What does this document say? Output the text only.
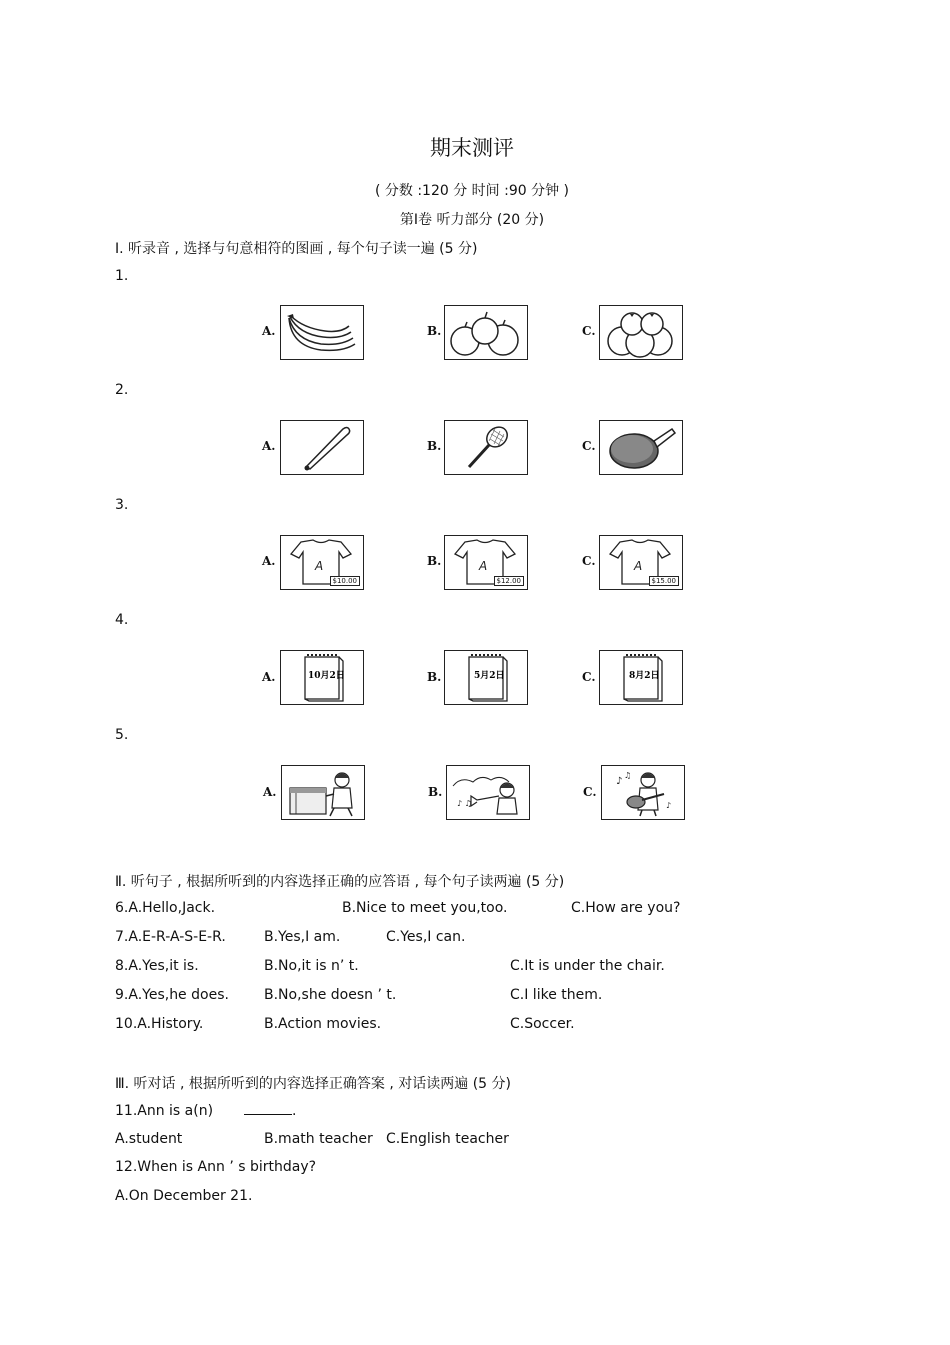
期末测评
( 分数 :120 分 时间 :90 分钟 )
第Ⅰ卷 听力部分 (20 分)
Ⅰ. 听录音 , 选择与句意相符的图画 , 每个句子读一遍 (5 分)
1.
A.	B.	C.
2.
A.	B.	C.
3.
A.	A
$10.00
B.	A
$12.00
C.	A
$15.00
4.
A.	10月2日	B.	5月2日	C.	8月2日
5.
A.	B.
♪ ♫
C.
♪
♫
♪
Ⅱ. 听句子 , 根据所听到的内容选择正确的应答语 , 每个句子读两遍 (5 分)
6.A.Hello,Jack.	B.Nice to meet you,too.	C.How are you?
7.A.E-R-A-S-E-R.	B.Yes,I am.	C.Yes,I can.
8.A.Yes,it is.	B.No,it is n’ t.	C.It is under the chair.
9.A.Yes,he does.	B.No,she doesn ’ t.	C.I like them.
10.A.History.	B.Action movies.	C.Soccer.
Ⅲ. 听对话 , 根据所听到的内容选择正确答案 , 对话读两遍 (5 分)
11.Ann is a(n)	.
A.student	B.math teacher C.English teacher
12.When is Ann ’ s birthday?
A.On December 21.
